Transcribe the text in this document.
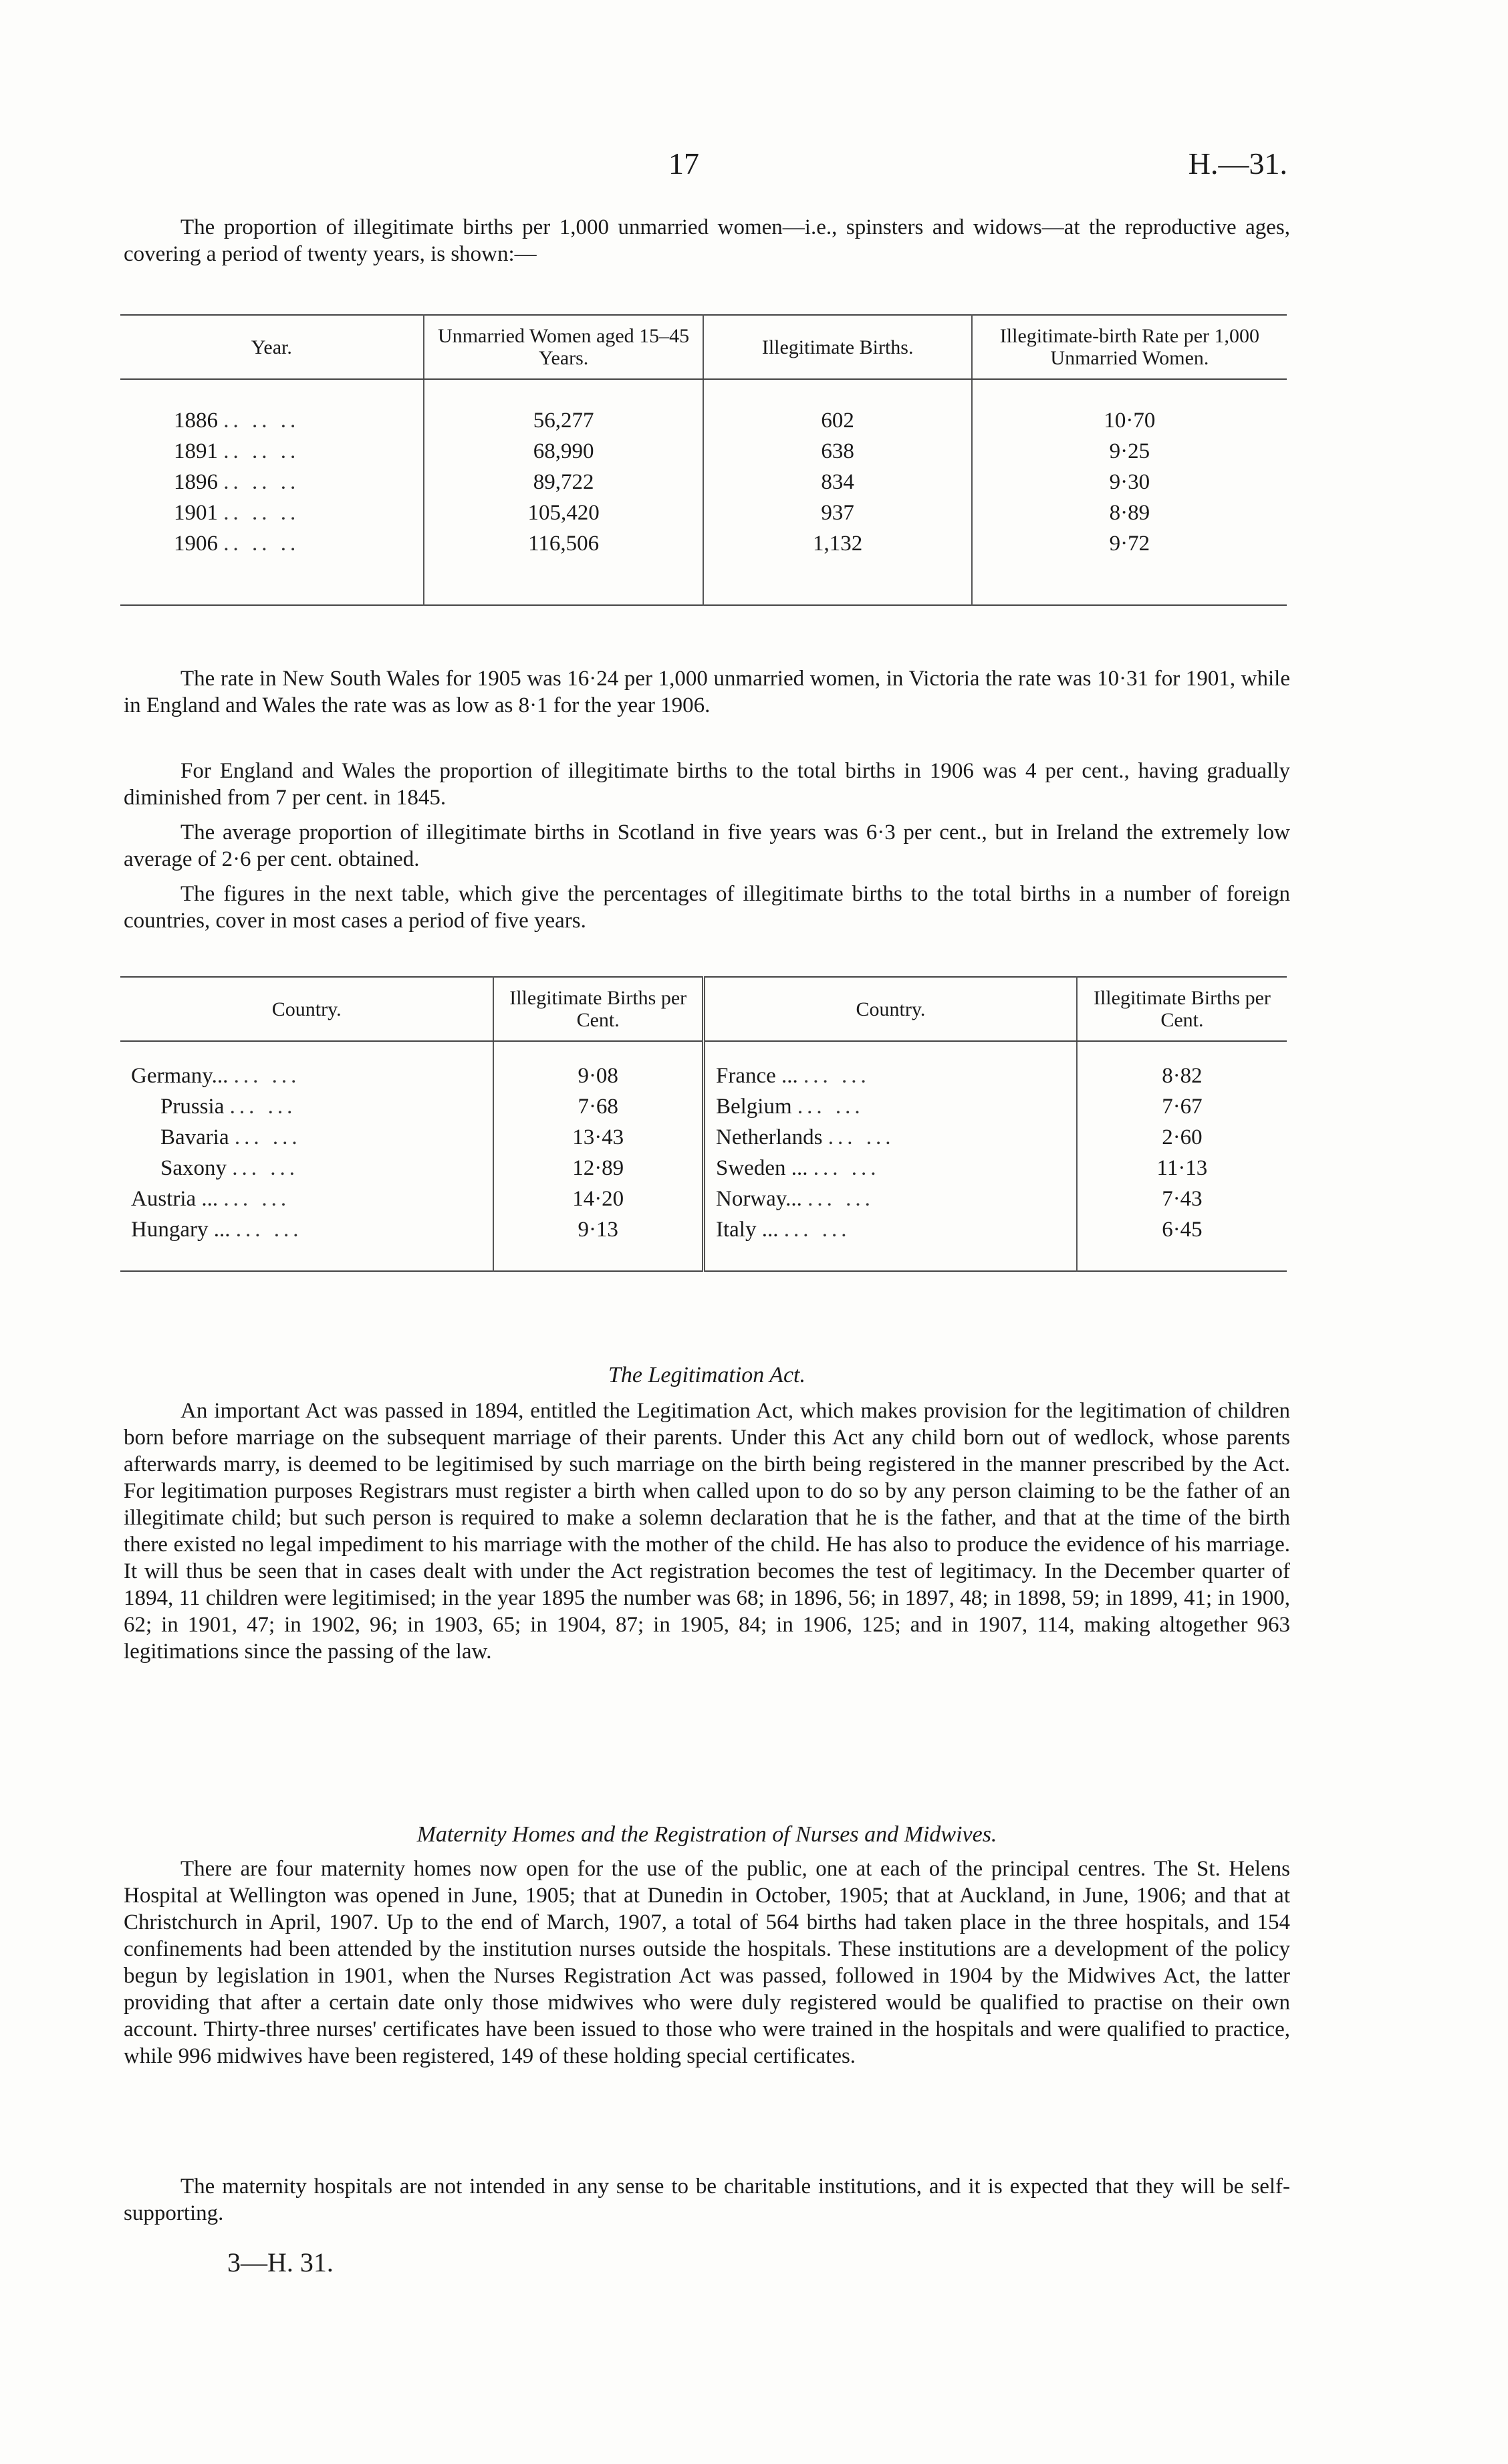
17	H.—31.
The proportion of illegitimate births per 1,000 unmarried women—i.e., spinsters and widows—at the reproductive ages, covering a period of twenty years, is shown:—
Year.	Unmarried Women aged 15–45 Years.	Illegitimate Births.	Illegitimate-birth Rate per 1,000 Unmarried Women.
1886 .. .. ..	56,277	602	10·70
1891 .. .. ..	68,990	638	9·25
1896 .. .. ..	89,722	834	9·30
1901 .. .. ..	105,420	937	8·89
1906 .. .. ..	116,506	1,132	9·72
The rate in New South Wales for 1905 was 16·24 per 1,000 unmarried women, in Victoria the rate was 10·31 for 1901, while in England and Wales the rate was as low as 8·1 for the year 1906.
For England and Wales the proportion of illegitimate births to the total births in 1906 was 4 per cent., having gradually diminished from 7 per cent. in 1845.
The average proportion of illegitimate births in Scotland in five years was 6·3 per cent., but in Ireland the extremely low average of 2·6 per cent. obtained.
The figures in the next table, which give the percentages of illegitimate births to the total births in a number of foreign countries, cover in most cases a period of five years.
Country.	Illegitimate Births per Cent.	Country.	Illegitimate Births per Cent.
Germany... ... ...	9·08	France ... ... ...	8·82
Prussia ... ...	7·68	Belgium ... ...	7·67
Bavaria ... ...	13·43	Netherlands ... ...	2·60
Saxony ... ...	12·89	Sweden ... ... ...	11·13
Austria ... ... ...	14·20	Norway... ... ...	7·43
Hungary ... ... ...	9·13	Italy ... ... ...	6·45
The Legitimation Act.
An important Act was passed in 1894, entitled the Legitimation Act, which makes provision for the legitimation of children born before marriage on the subsequent marriage of their parents. Under this Act any child born out of wedlock, whose parents afterwards marry, is deemed to be legitimised by such marriage on the birth being registered in the manner prescribed by the Act. For legitimation purposes Registrars must register a birth when called upon to do so by any person claiming to be the father of an illegitimate child; but such person is required to make a solemn declaration that he is the father, and that at the time of the birth there existed no legal impediment to his marriage with the mother of the child. He has also to produce the evidence of his marriage. It will thus be seen that in cases dealt with under the Act registration becomes the test of legitimacy. In the December quarter of 1894, 11 children were legitimised; in the year 1895 the number was 68; in 1896, 56; in 1897, 48; in 1898, 59; in 1899, 41; in 1900, 62; in 1901, 47; in 1902, 96; in 1903, 65; in 1904, 87; in 1905, 84; in 1906, 125; and in 1907, 114, making altogether 963 legitimations since the passing of the law.
Maternity Homes and the Registration of Nurses and Midwives.
There are four maternity homes now open for the use of the public, one at each of the principal centres. The St. Helens Hospital at Wellington was opened in June, 1905; that at Dunedin in October, 1905; that at Auckland, in June, 1906; and that at Christchurch in April, 1907. Up to the end of March, 1907, a total of 564 births had taken place in the three hospitals, and 154 confinements had been attended by the institution nurses outside the hospitals. These institutions are a development of the policy begun by legislation in 1901, when the Nurses Registration Act was passed, followed in 1904 by the Midwives Act, the latter providing that after a certain date only those midwives who were duly registered would be qualified to practise on their own account. Thirty-three nurses' certificates have been issued to those who were trained in the hospitals and were qualified to practice, while 996 midwives have been registered, 149 of these holding special certificates.
The maternity hospitals are not intended in any sense to be charitable institutions, and it is expected that they will be self-supporting.
3—H. 31.
